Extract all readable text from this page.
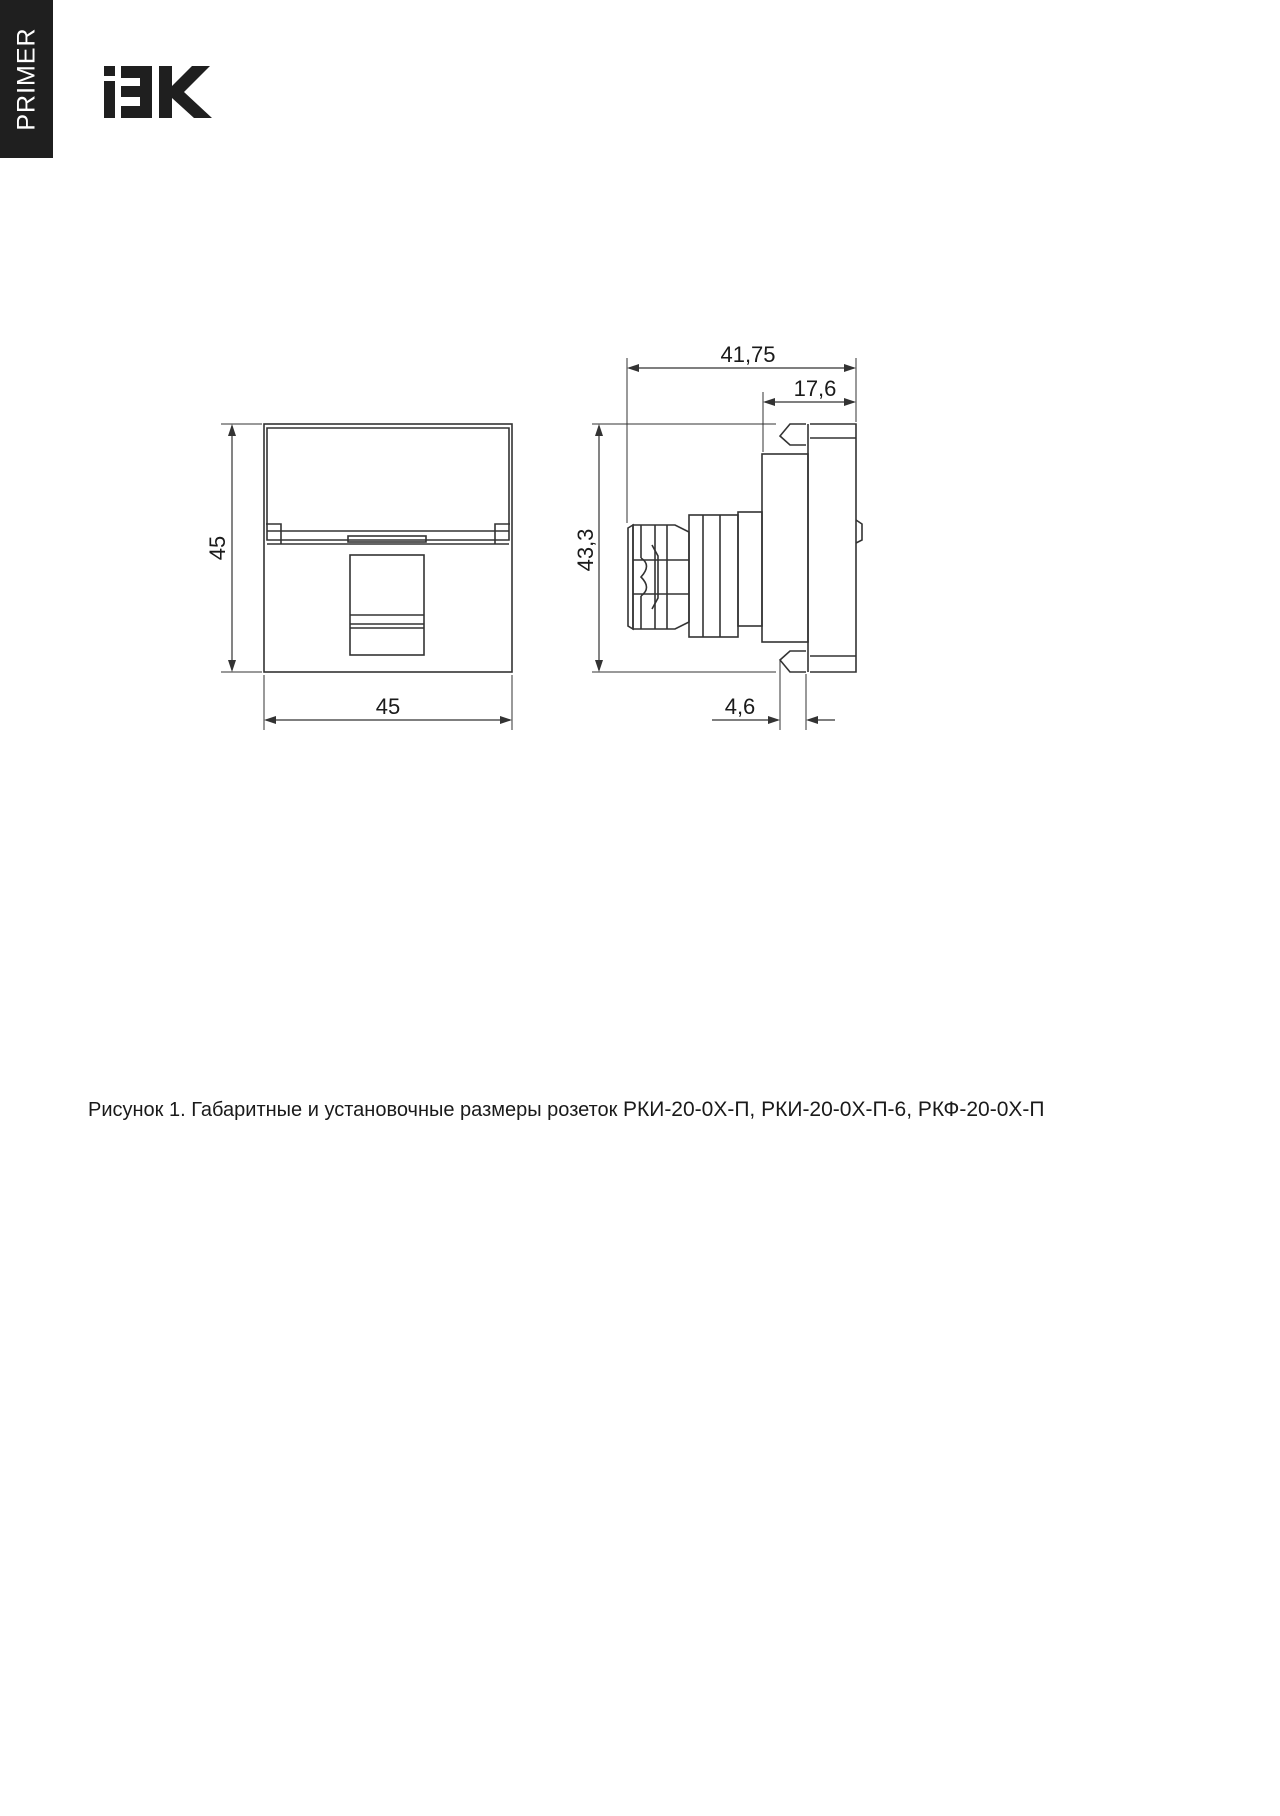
PRIMER
45
45
41,75
17,6
43,3
4,6
Рисунок 1. Габаритные и установочные размеры розеток РКИ-20-0Х-П, РКИ-20-0Х-П-6, РКФ-20-0Х-П
